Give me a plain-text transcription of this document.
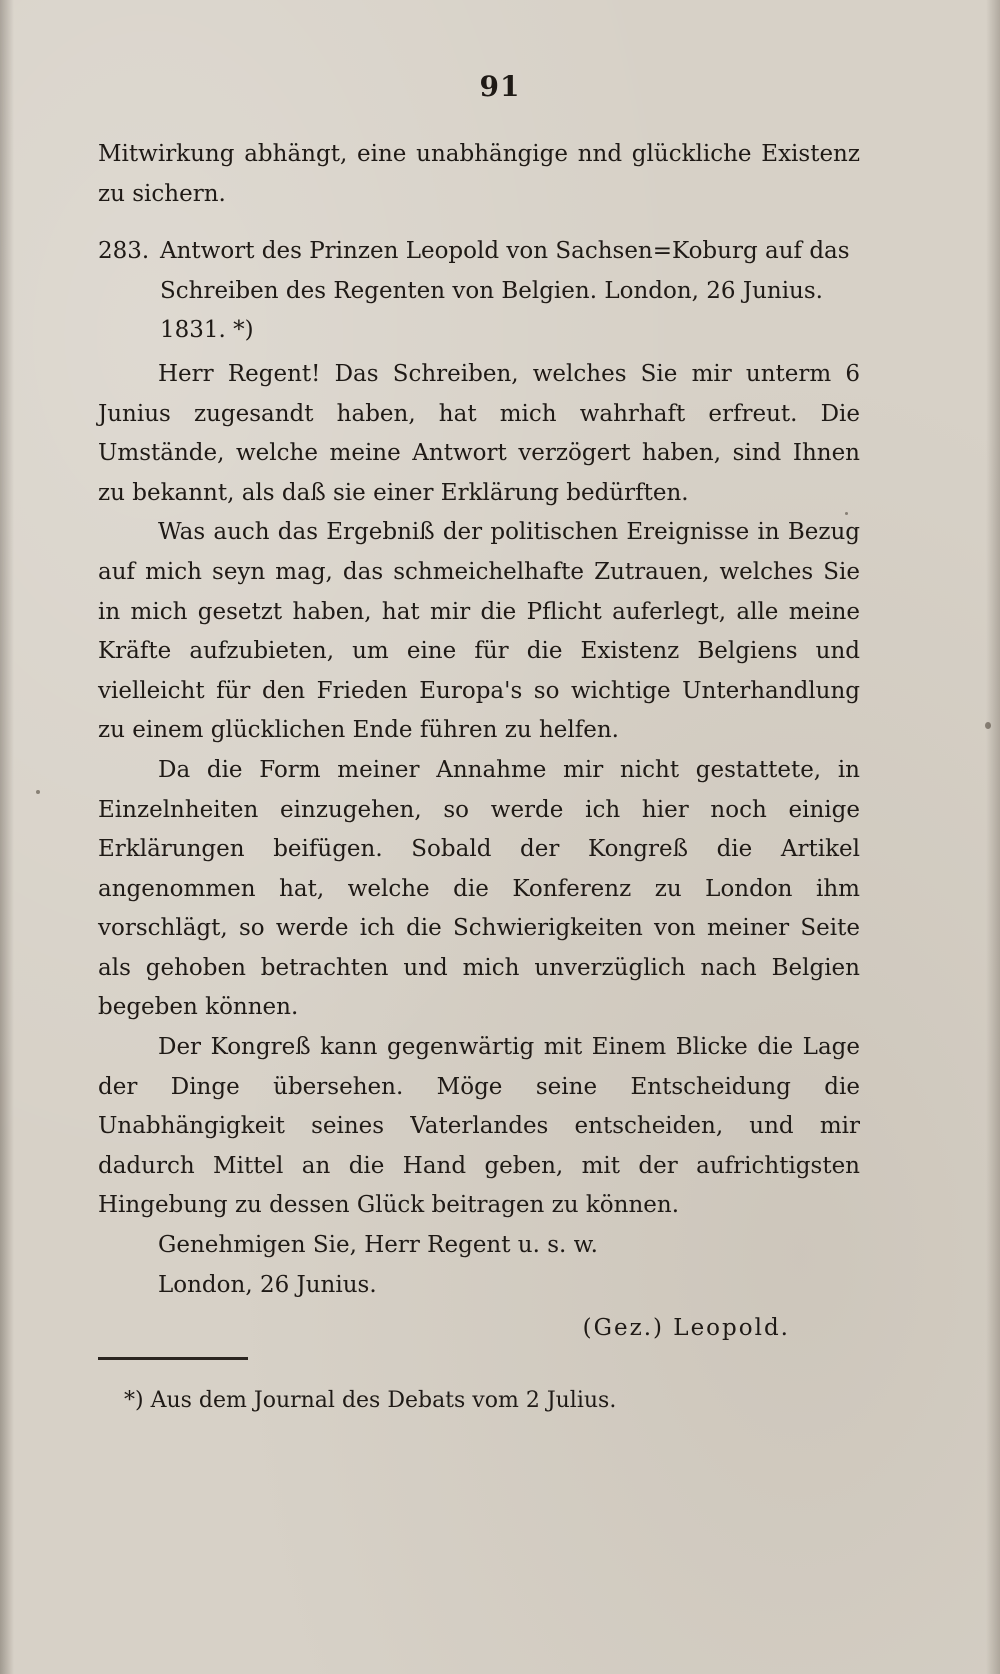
91

Mitwirkung abhängt, eine unabhängige nnd glückliche Existenz zu sichern.

283. Antwort des Prinzen Leopold von Sachsen=Koburg auf das Schreiben des Regenten von Belgien. London, 26 Junius. 1831. *)

Herr Regent! Das Schreiben, welches Sie mir unterm 6 Junius zugesandt haben, hat mich wahrhaft erfreut. Die Umstände, welche meine Antwort verzögert haben, sind Ihnen zu bekannt, als daß sie einer Erklärung bedürften.

Was auch das Ergebniß der politischen Ereignisse in Bezug auf mich seyn mag, das schmeichelhafte Zutrauen, welches Sie in mich gesetzt haben, hat mir die Pflicht auferlegt, alle meine Kräfte aufzubieten, um eine für die Existenz Belgiens und vielleicht für den Frieden Europa's so wichtige Unterhandlung zu einem glücklichen Ende führen zu helfen.

Da die Form meiner Annahme mir nicht gestattete, in Einzelnheiten einzugehen, so werde ich hier noch einige Erklärungen beifügen. Sobald der Kongreß die Artikel angenommen hat, welche die Konferenz zu London ihm vorschlägt, so werde ich die Schwierigkeiten von meiner Seite als gehoben betrachten und mich unverzüglich nach Belgien begeben können.

Der Kongreß kann gegenwärtig mit Einem Blicke die Lage der Dinge übersehen. Möge seine Entscheidung die Unabhängigkeit seines Vaterlandes entscheiden, und mir dadurch Mittel an die Hand geben, mit der aufrichtigsten Hingebung zu dessen Glück beitragen zu können.

Genehmigen Sie, Herr Regent u. s. w.

London, 26 Junius.

(Gez.) Leopold.

*) Aus dem Journal des Debats vom 2 Julius.
